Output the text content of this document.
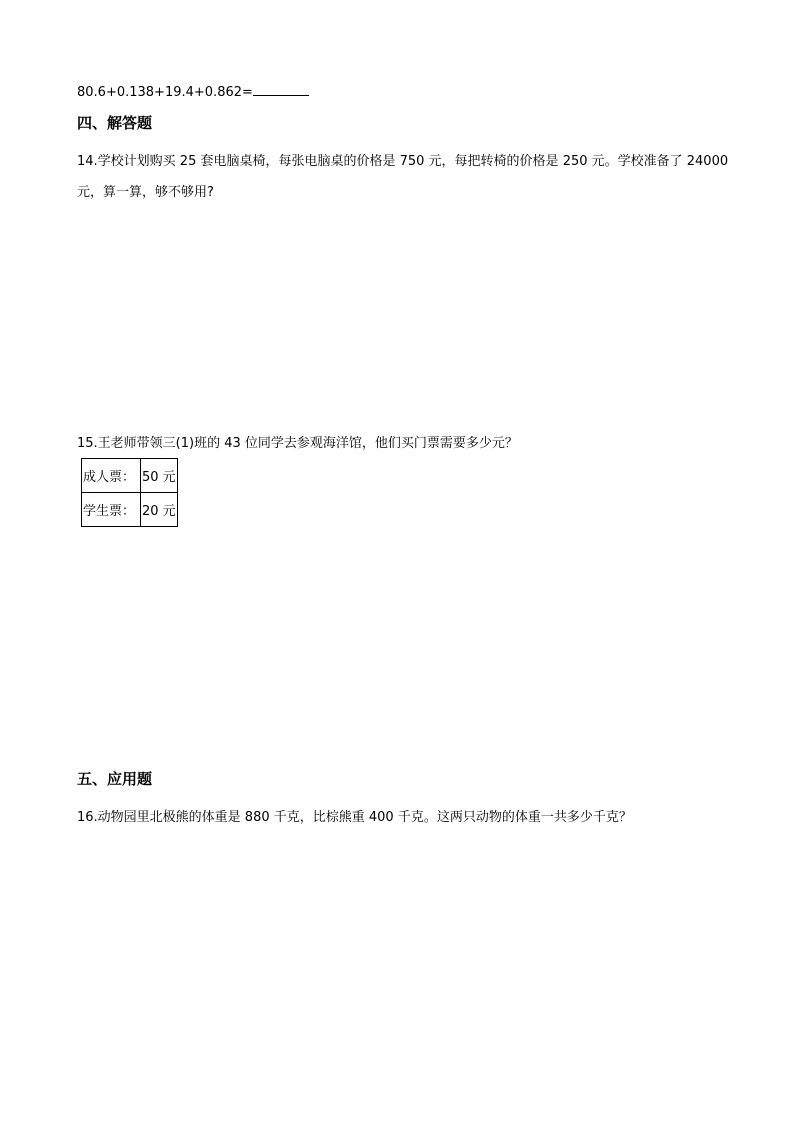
80.6+0.138+19.4+0.862=
四、解答题
14.学校计划购买 25 套电脑桌椅，每张电脑桌的价格是 750 元，每把转椅的价格是 250 元。学校准备了 24000
元，算一算，够不够用?
15.王老师带领三(1)班的 43 位同学去参观海洋馆，他们买门票需要多少元？
成人票：	50 元
学生票：	20 元
五、应用题
16.动物园里北极熊的体重是 880 千克，比棕熊重 400 千克。这两只动物的体重一共多少千克？
